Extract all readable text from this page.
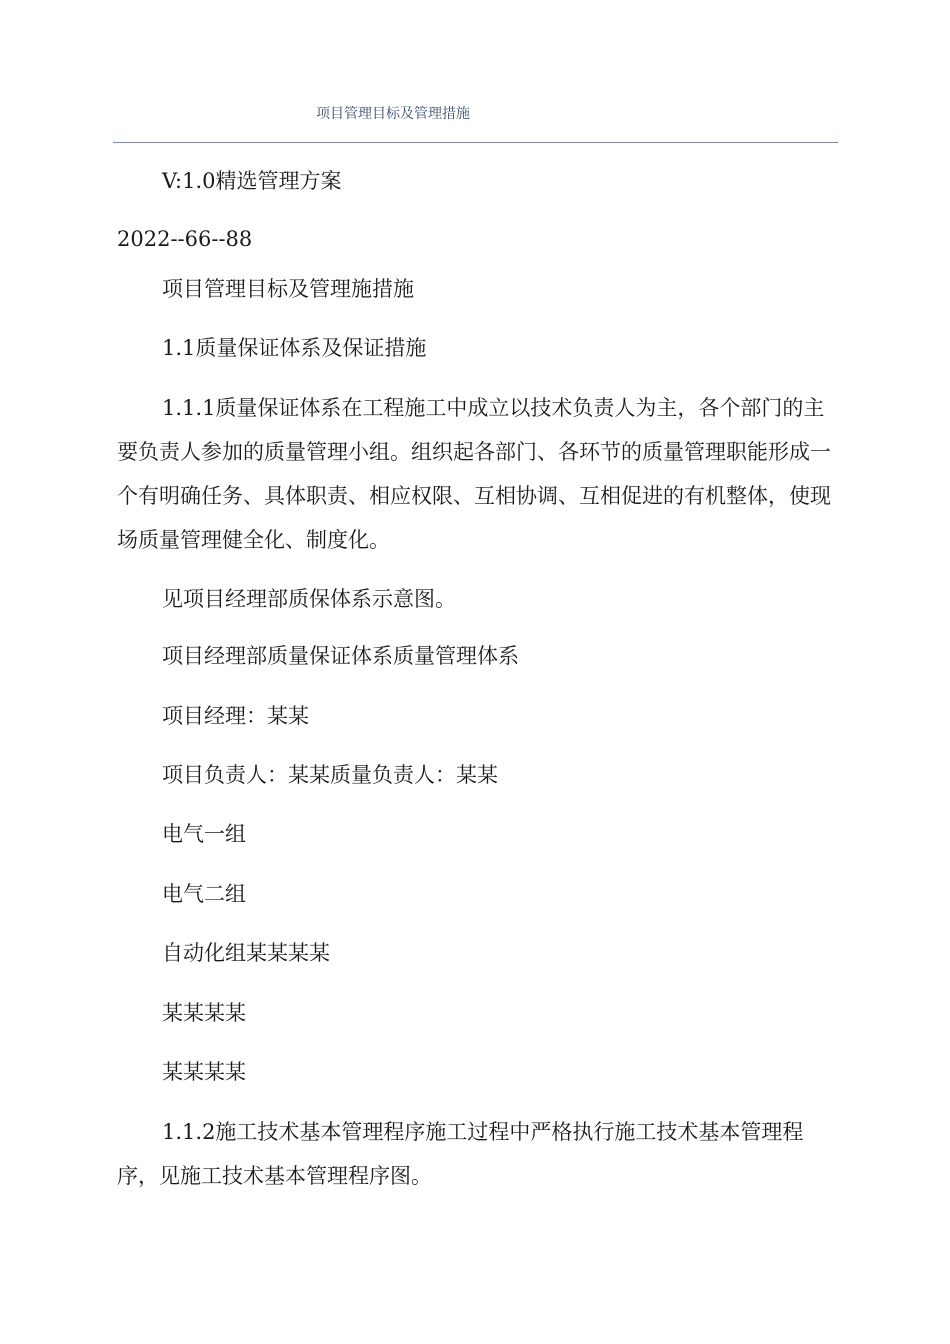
项目管理目标及管理措施

V:1.0精选管理方案

2022--66--88

项目管理目标及管理施措施

1.1质量保证体系及保证措施

1.1.1质量保证体系在工程施工中成立以技术负责人为主，各个部门的主要负责人参加的质量管理小组。组织起各部门、各环节的质量管理职能形成一个有明确任务、具体职责、相应权限、互相协调、互相促进的有机整体，使现场质量管理健全化、制度化。

见项目经理部质保体系示意图。

项目经理部质量保证体系质量管理体系

项目经理：某某

项目负责人：某某质量负责人：某某

电气一组

电气二组

自动化组某某某某

某某某某

某某某某

1.1.2施工技术基本管理程序施工过程中严格执行施工技术基本管理程序，见施工技术基本管理程序图。
